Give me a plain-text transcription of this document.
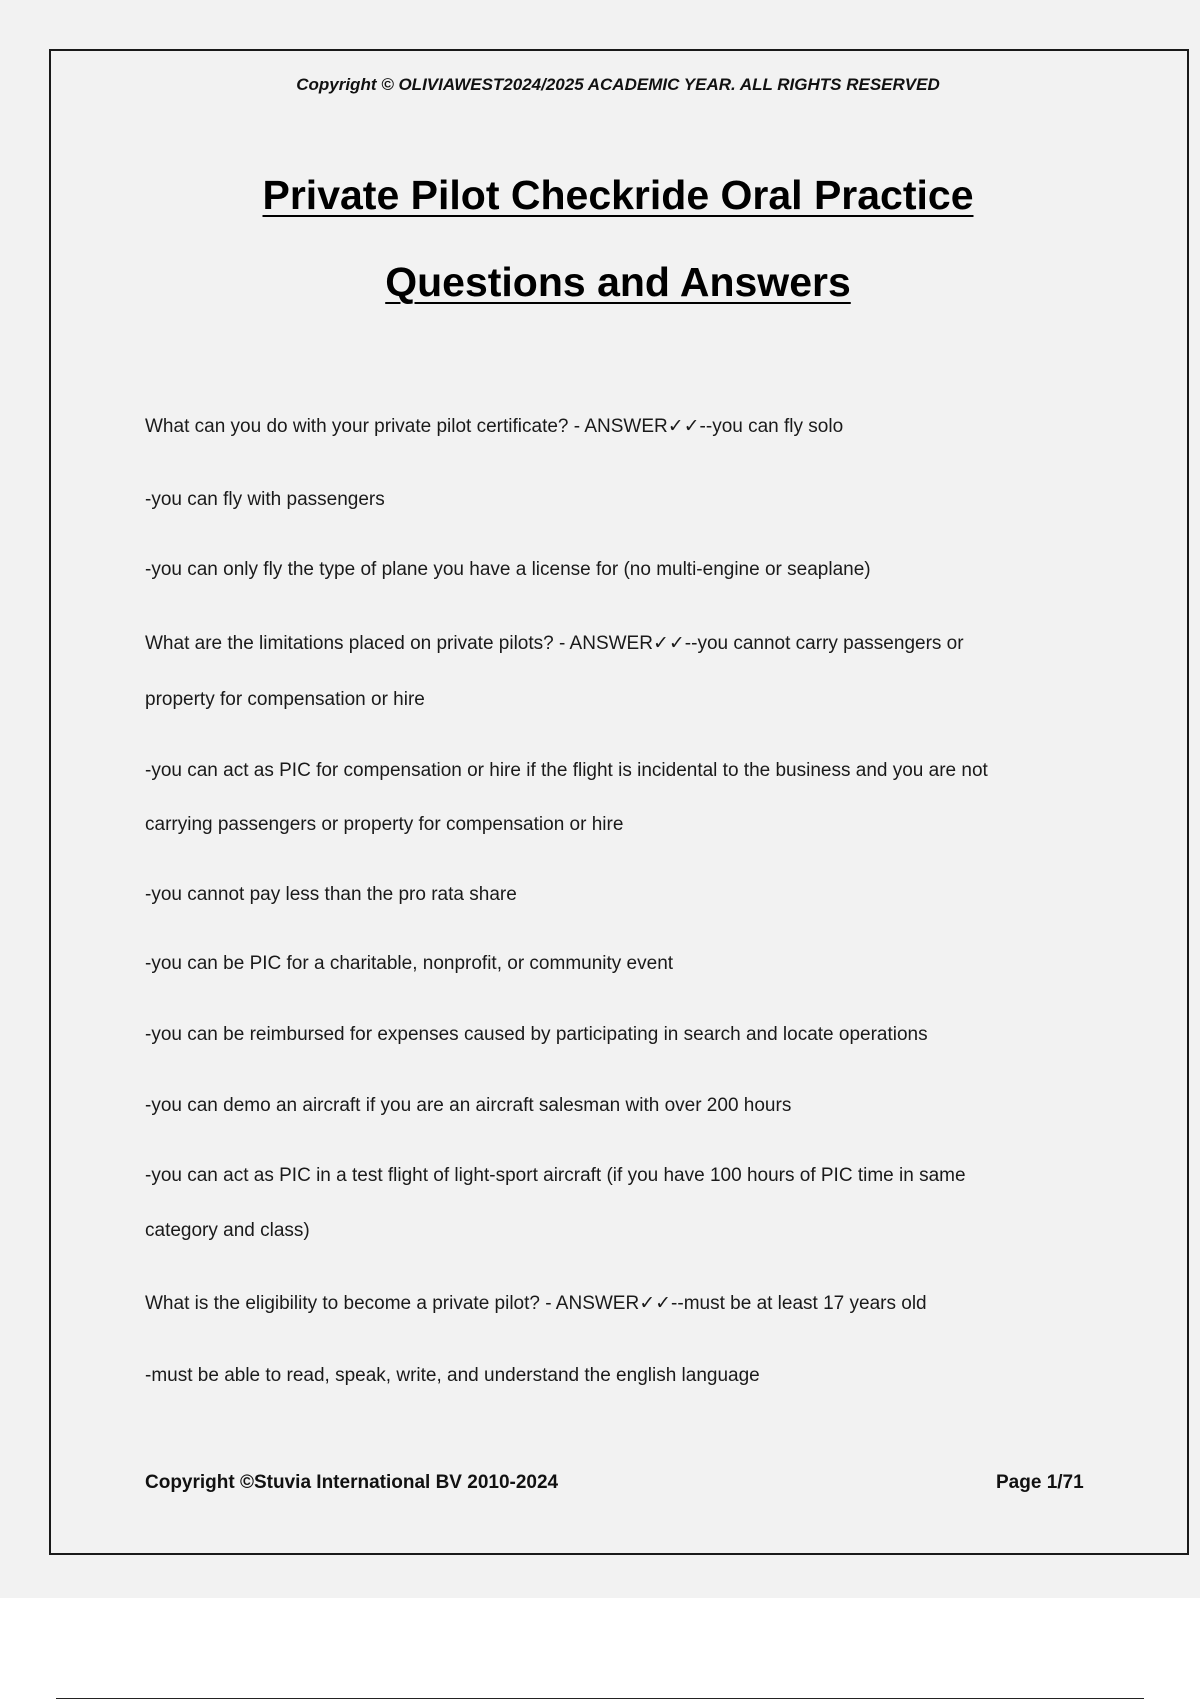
Copyright © OLIVIAWEST2024/2025 ACADEMIC YEAR. ALL RIGHTS RESERVED
Private Pilot Checkride Oral Practice
Questions and Answers
What can you do with your private pilot certificate? - ANSWER✓✓--you can fly solo
-you can fly with passengers
-you can only fly the type of plane you have a license for (no multi-engine or seaplane)
What are the limitations placed on private pilots? - ANSWER✓✓--you cannot carry passengers or
property for compensation or hire
-you can act as PIC for compensation or hire if the flight is incidental to the business and you are not
carrying passengers or property for compensation or hire
-you cannot pay less than the pro rata share
-you can be PIC for a charitable, nonprofit, or community event
-you can be reimbursed for expenses caused by participating in search and locate operations
-you can demo an aircraft if you are an aircraft salesman with over 200 hours
-you can act as PIC in a test flight of light-sport aircraft (if you have 100 hours of PIC time in same
category and class)
What is the eligibility to become a private pilot? - ANSWER✓✓--must be at least 17 years old
-must be able to read, speak, write, and understand the english language
Copyright ©Stuvia International BV 2010-2024	Page 1/71
